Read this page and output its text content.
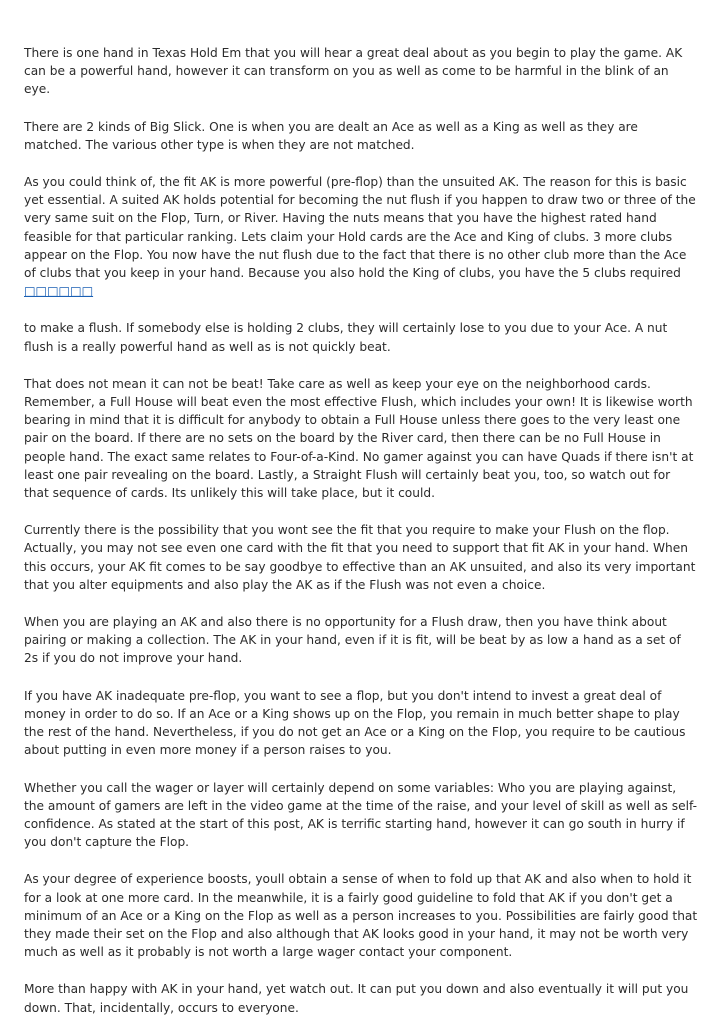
There is one hand in Texas Hold Em that you will hear a great deal about as you begin to play the game. AK can be a powerful hand, however it can transform on you as well as come to be harmful in the blink of an eye.

There are 2 kinds of Big Slick. One is when you are dealt an Ace as well as a King as well as they are matched. The various other type is when they are not matched.

As you could think of, the fit AK is more powerful (pre-flop) than the unsuited AK. The reason for this is basic yet essential. A suited AK holds potential for becoming the nut flush if you happen to draw two or three of the very same suit on the Flop, Turn, or River. Having the nuts means that you have the highest rated hand feasible for that particular ranking. Lets claim your Hold cards are the Ace and King of clubs. 3 more clubs appear on the Flop. You now have the nut flush due to the fact that there is no other club more than the Ace of clubs that you keep in your hand. Because you also hold the King of clubs, you have the 5 clubs required □□□□□□

to make a flush. If somebody else is holding 2 clubs, they will certainly lose to you due to your Ace. A nut flush is a really powerful hand as well as is not quickly beat.

That does not mean it can not be beat! Take care as well as keep your eye on the neighborhood cards. Remember, a Full House will beat even the most effective Flush, which includes your own! It is likewise worth bearing in mind that it is difficult for anybody to obtain a Full House unless there goes to the very least one pair on the board. If there are no sets on the board by the River card, then there can be no Full House in people hand. The exact same relates to Four-of-a-Kind. No gamer against you can have Quads if there isn't at least one pair revealing on the board. Lastly, a Straight Flush will certainly beat you, too, so watch out for that sequence of cards. Its unlikely this will take place, but it could.

Currently there is the possibility that you wont see the fit that you require to make your Flush on the flop. Actually, you may not see even one card with the fit that you need to support that fit AK in your hand. When this occurs, your AK fit comes to be say goodbye to effective than an AK unsuited, and also its very important that you alter equipments and also play the AK as if the Flush was not even a choice.

When you are playing an AK and also there is no opportunity for a Flush draw, then you have think about pairing or making a collection. The AK in your hand, even if it is fit, will be beat by as low a hand as a set of 2s if you do not improve your hand.

If you have AK inadequate pre-flop, you want to see a flop, but you don't intend to invest a great deal of money in order to do so. If an Ace or a King shows up on the Flop, you remain in much better shape to play the rest of the hand. Nevertheless, if you do not get an Ace or a King on the Flop, you require to be cautious about putting in even more money if a person raises to you.

Whether you call the wager or layer will certainly depend on some variables: Who you are playing against, the amount of gamers are left in the video game at the time of the raise, and your level of skill as well as self-confidence. As stated at the start of this post, AK is terrific starting hand, however it can go south in hurry if you don't capture the Flop.

As your degree of experience boosts, youll obtain a sense of when to fold up that AK and also when to hold it for a look at one more card. In the meanwhile, it is a fairly good guideline to fold that AK if you don't get a minimum of an Ace or a King on the Flop as well as a person increases to you. Possibilities are fairly good that they made their set on the Flop and also although that AK looks good in your hand, it may not be worth very much as well as it probably is not worth a large wager contact your component.

More than happy with AK in your hand, yet watch out. It can put you down and also eventually it will put you down. That, incidentally, occurs to everyone.
